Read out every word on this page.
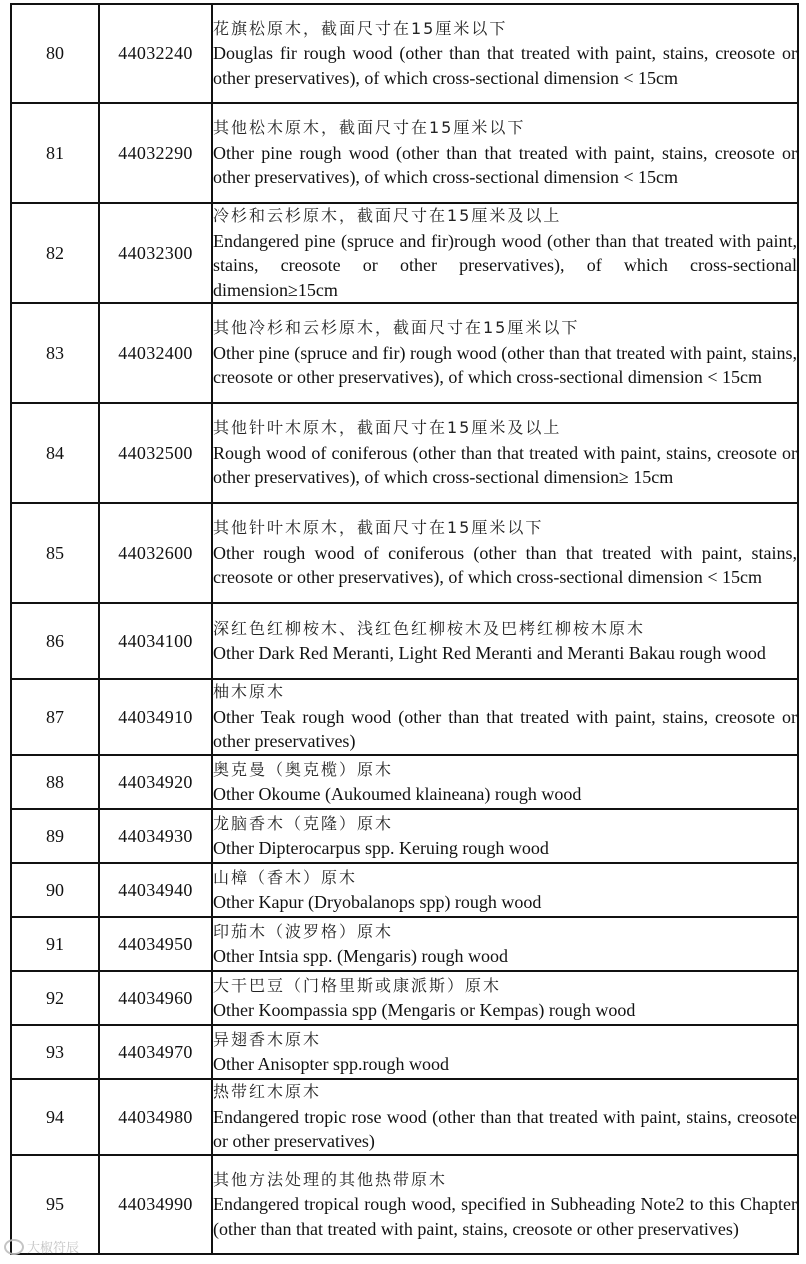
80	44032240	花旗松原木，截面尺寸在15厘米以下
Douglas fir rough wood (other than that treated with paint, stains, creosote or other preservatives), of which cross-sectional dimension < 15cm

81	44032290	其他松木原木，截面尺寸在15厘米以下
Other pine rough wood (other than that treated with paint, stains, creosote or other preservatives), of which cross-sectional dimension < 15cm

82	44032300	冷杉和云杉原木，截面尺寸在15厘米及以上
Endangered pine (spruce and fir)rough wood (other than that treated with paint, stains, creosote or other preservatives), of which cross-sectional dimension≥15cm

83	44032400	其他冷杉和云杉原木，截面尺寸在15厘米以下
Other pine (spruce and fir) rough wood (other than that treated with paint, stains, creosote or other preservatives), of which cross-sectional dimension < 15cm

84	44032500	其他针叶木原木，截面尺寸在15厘米及以上
Rough wood of coniferous (other than that treated with paint, stains, creosote or other preservatives), of which cross-sectional dimension≥ 15cm

85	44032600	其他针叶木原木，截面尺寸在15厘米以下
Other rough wood of coniferous (other than that treated with paint, stains, creosote or other preservatives), of which cross-sectional dimension < 15cm

86	44034100	深红色红柳桉木、浅红色红柳桉木及巴栲红柳桉木原木
Other Dark Red Meranti, Light Red Meranti and Meranti Bakau rough wood

87	44034910	柚木原木
Other Teak rough wood (other than that treated with paint, stains, creosote or other preservatives)

88	44034920	奥克曼（奥克榄）原木
Other Okoume (Aukoumed klaineana) rough wood

89	44034930	龙脑香木（克隆）原木
Other Dipterocarpus spp. Keruing rough wood

90	44034940	山樟（香木）原木
Other Kapur (Dryobalanops spp) rough wood

91	44034950	印茄木（波罗格）原木
Other Intsia spp. (Mengaris) rough wood

92	44034960	大干巴豆（门格里斯或康派斯）原木
Other Koompassia spp (Mengaris or Kempas) rough wood

93	44034970	异翅香木原木
Other Anisopter spp.rough wood

94	44034980	热带红木原木
Endangered tropic rose wood (other than that treated with paint, stains, creosote or other preservatives)

95	44034990	其他方法处理的其他热带原木
Endangered tropical rough wood, specified in Subheading Note2 to this Chapter (other than that treated with paint, stains, creosote or other preservatives)
大椒符辰
